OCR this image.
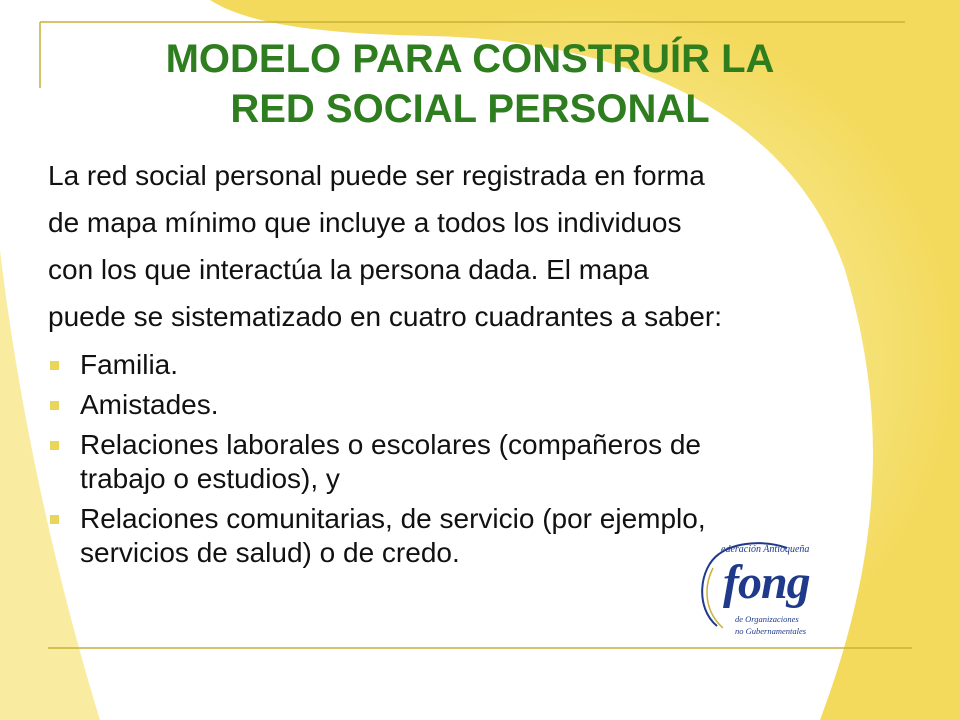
MODELO PARA CONSTRUÍR LA
RED SOCIAL PERSONAL

La red social personal puede ser registrada en forma

de mapa mínimo que incluye a todos los individuos

con los que interactúa la persona dada. El mapa

puede se sistematizado en cuatro cuadrantes a saber:

Familia.
Amistades.
Relaciones laborales o escolares (compañeros de
trabajo o estudios), y
Relaciones comunitarias, de servicio (por ejemplo,
servicios de salud) o de credo.	ederación Antioqueña
fong
de Organizaciones
no Gubernamentales
